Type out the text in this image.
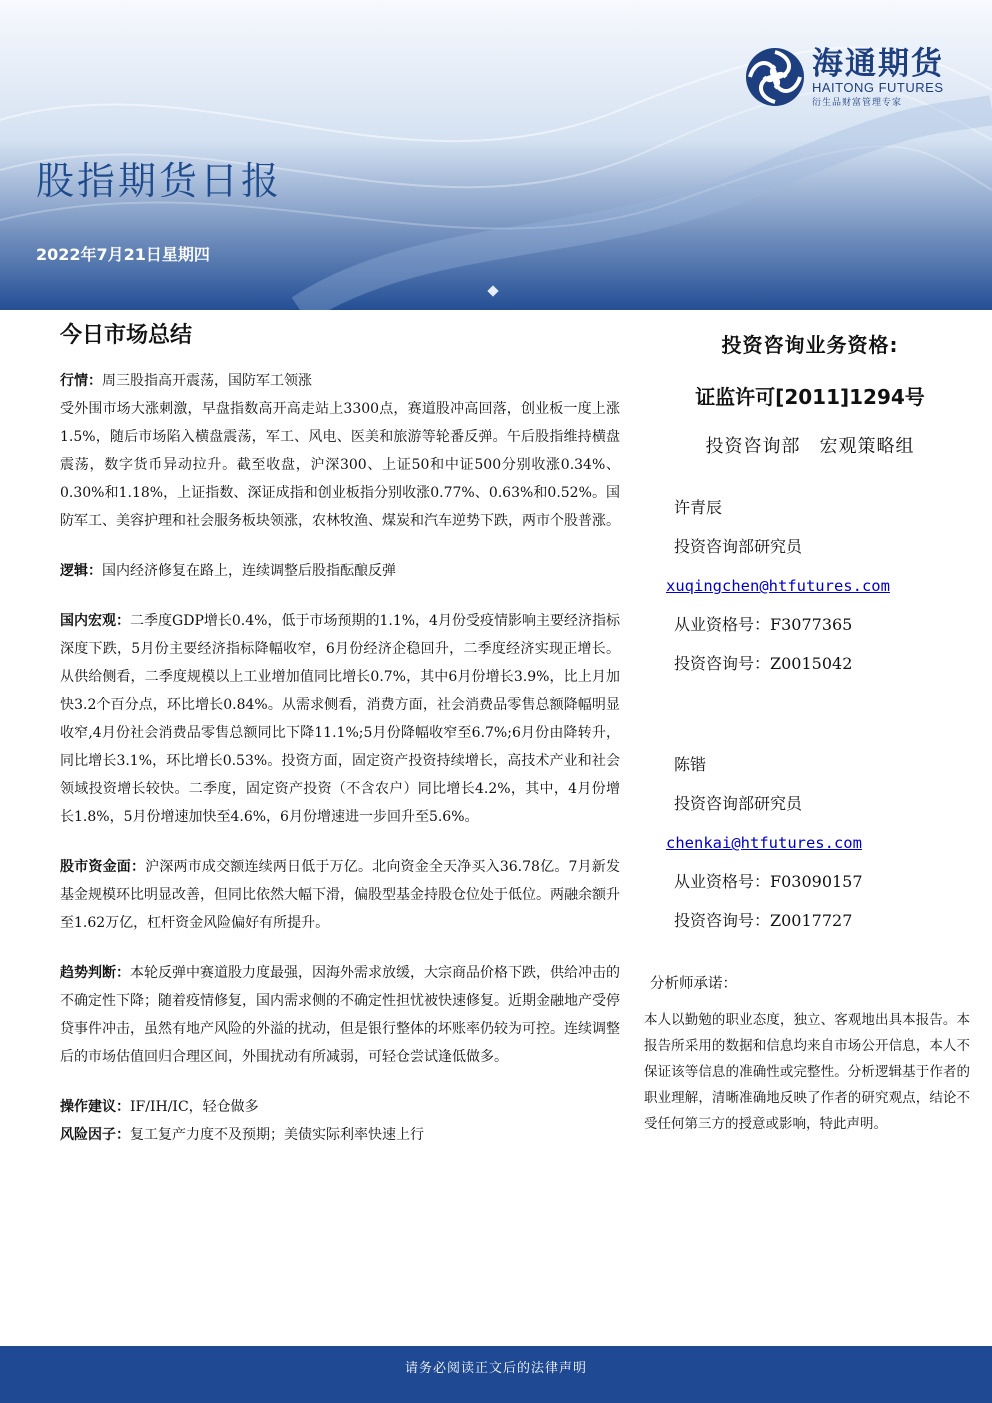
海通期货
HAITONG FUTURES
衍生品财富管理专家
股指期货日报
2022年7月21日星期四
今日市场总结

行情：周三股指高开震荡，国防军工领涨

受外围市场大涨刺激，早盘指数高开高走站上3300点，赛道股冲高回落，创业板一度上涨1.5%，随后市场陷入横盘震荡，军工、风电、医美和旅游等轮番反弹。午后股指维持横盘震荡，数字货币异动拉升。截至收盘，沪深300、上证50和中证500分别收涨0.34%、0.30%和1.18%，上证指数、深证成指和创业板指分别收涨0.77%、0.63%和0.52%。国防军工、美容护理和社会服务板块领涨，农林牧渔、煤炭和汽车逆势下跌，两市个股普涨。

逻辑：国内经济修复在路上，连续调整后股指酝酿反弹

国内宏观：二季度GDP增长0.4%，低于市场预期的1.1%，4月份受疫情影响主要经济指标深度下跌，5月份主要经济指标降幅收窄，6月份经济企稳回升，二季度经济实现正增长。从供给侧看，二季度规模以上工业增加值同比增长0.7%，其中6月份增长3.9%，比上月加快3.2个百分点，环比增长0.84%。从需求侧看，消费方面，社会消费品零售总额降幅明显收窄,4月份社会消费品零售总额同比下降11.1%;5月份降幅收窄至6.7%;6月份由降转升，同比增长3.1%，环比增长0.53%。投资方面，固定资产投资持续增长，高技术产业和社会领域投资增长较快。二季度，固定资产投资（不含农户）同比增长4.2%，其中，4月份增长1.8%，5月份增速加快至4.6%，6月份增速进一步回升至5.6%。

股市资金面：沪深两市成交额连续两日低于万亿。北向资金全天净买入36.78亿。7月新发基金规模环比明显改善，但同比依然大幅下滑，偏股型基金持股仓位处于低位。两融余额升至1.62万亿，杠杆资金风险偏好有所提升。

趋势判断：本轮反弹中赛道股力度最强，因海外需求放缓，大宗商品价格下跌，供给冲击的不确定性下降；随着疫情修复，国内需求侧的不确定性担忧被快速修复。近期金融地产受停贷事件冲击，虽然有地产风险的外溢的扰动，但是银行整体的坏账率仍较为可控。连续调整后的市场估值回归合理区间，外围扰动有所减弱，可轻仓尝试逢低做多。

操作建议：IF/IH/IC，轻仓做多

风险因子：复工复产力度不及预期；美债实际利率快速上行

投资咨询业务资格:

证监许可[2011]1294号

投资咨询部　宏观策略组

许青辰
投资咨询部研究员
xuqingchen@htfutures.com
从业资格号：F3077365
投资咨询号：Z0015042
陈锴
投资咨询部研究员
chenkai@htfutures.com
从业资格号：F03090157
投资咨询号：Z0017727

分析师承诺：

本人以勤勉的职业态度，独立、客观地出具本报告。本报告所采用的数据和信息均来自市场公开信息，本人不保证该等信息的准确性或完整性。分析逻辑基于作者的职业理解，清晰准确地反映了作者的研究观点，结论不受任何第三方的授意或影响，特此声明。

请务必阅读正文后的法律声明
